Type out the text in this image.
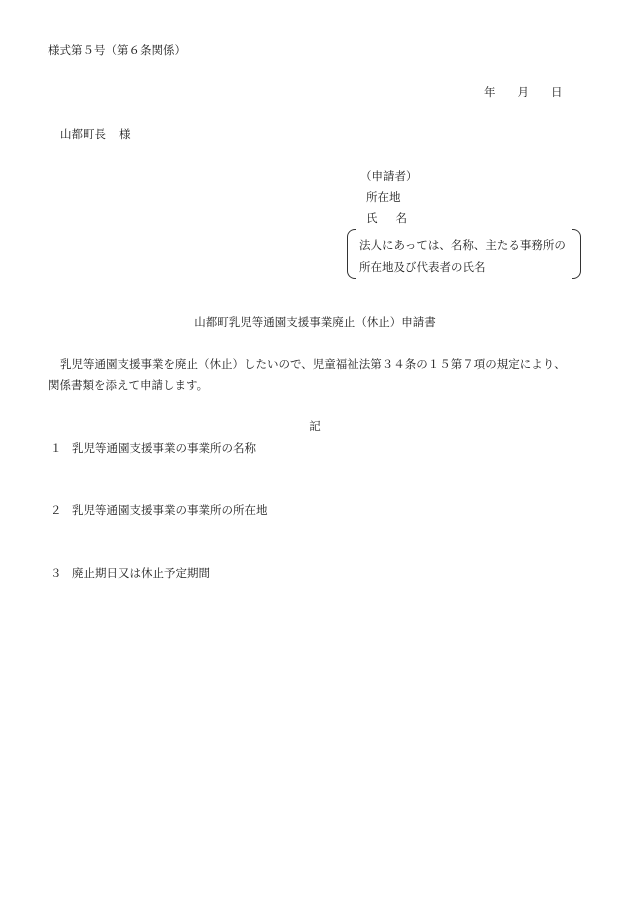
様式第５号（第６条関係）
年 月 日
山都町長 様
（申請者）
所在地
氏 名
法人にあっては、名称、主たる事務所の
所在地及び代表者の氏名
山都町乳児等通園支援事業廃止（休止）申請書
乳児等通園支援事業を廃止（休止）したいので、児童福祉法第３４条の１５第７項の規定により、
関係書類を添えて申請します。
記
１ 乳児等通園支援事業の事業所の名称
２ 乳児等通園支援事業の事業所の所在地
３ 廃止期日又は休止予定期間
